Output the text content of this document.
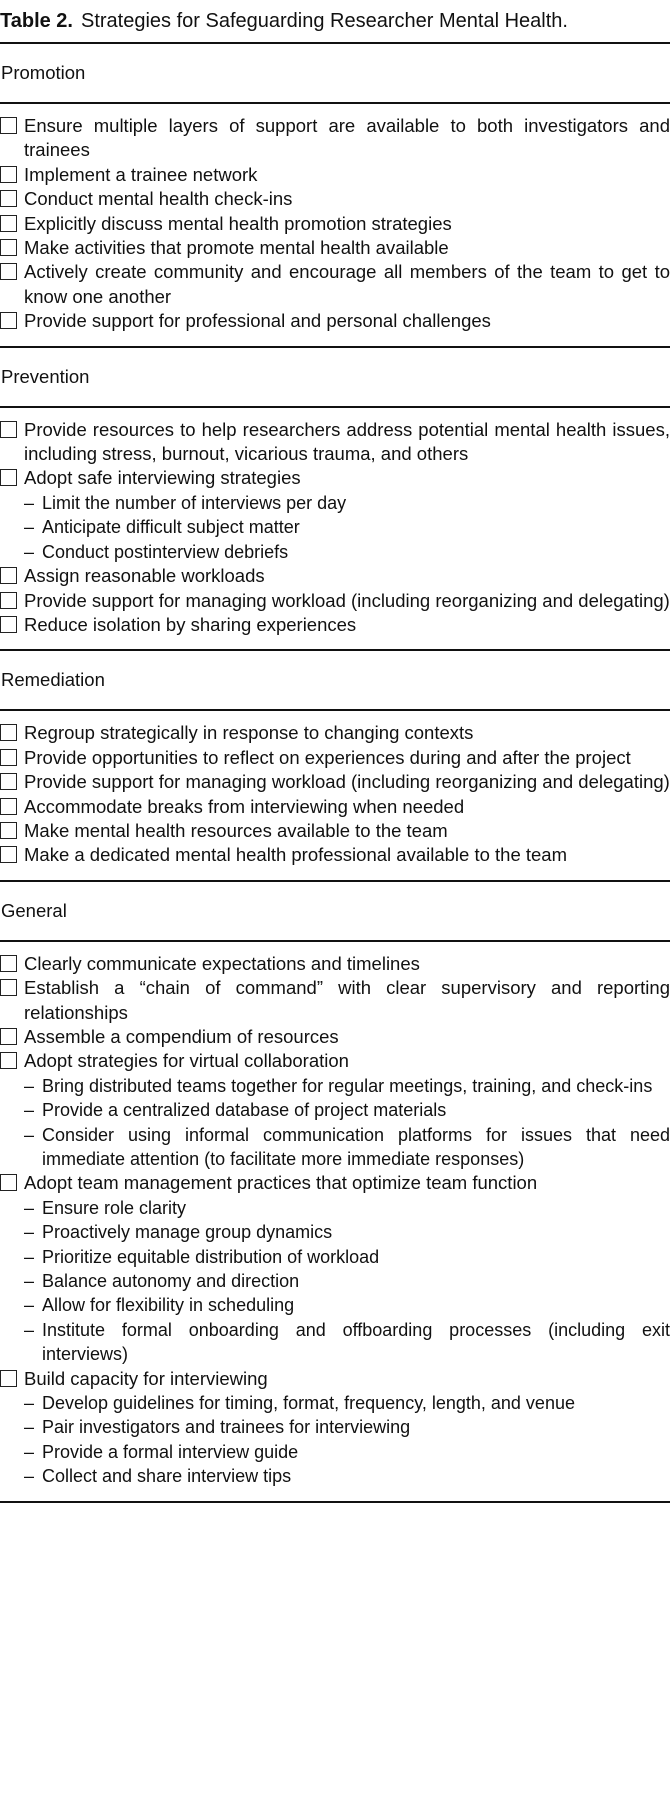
Table 2. Strategies for Safeguarding Researcher Mental Health.
Promotion
Ensure multiple layers of support are available to both investigators and trainees
Implement a trainee network
Conduct mental health check-ins
Explicitly discuss mental health promotion strategies
Make activities that promote mental health available
Actively create community and encourage all members of the team to get to know one another
Provide support for professional and personal challenges
Prevention
Provide resources to help researchers address potential mental health issues, including stress, burnout, vicarious trauma, and others
Adopt safe interviewing strategies
– Limit the number of interviews per day
– Anticipate difficult subject matter
– Conduct postinterview debriefs
Assign reasonable workloads
Provide support for managing workload (including reorganizing and delegating)
Reduce isolation by sharing experiences
Remediation
Regroup strategically in response to changing contexts
Provide opportunities to reflect on experiences during and after the project
Provide support for managing workload (including reorganizing and delegating)
Accommodate breaks from interviewing when needed
Make mental health resources available to the team
Make a dedicated mental health professional available to the team
General
Clearly communicate expectations and timelines
Establish a “chain of command” with clear supervisory and reporting relationships
Assemble a compendium of resources
Adopt strategies for virtual collaboration
– Bring distributed teams together for regular meetings, training, and check-ins
– Provide a centralized database of project materials
– Consider using informal communication platforms for issues that need immediate attention (to facilitate more immediate responses)
Adopt team management practices that optimize team function
– Ensure role clarity
– Proactively manage group dynamics
– Prioritize equitable distribution of workload
– Balance autonomy and direction
– Allow for flexibility in scheduling
– Institute formal onboarding and offboarding processes (including exit interviews)
Build capacity for interviewing
– Develop guidelines for timing, format, frequency, length, and venue
– Pair investigators and trainees for interviewing
– Provide a formal interview guide
– Collect and share interview tips
